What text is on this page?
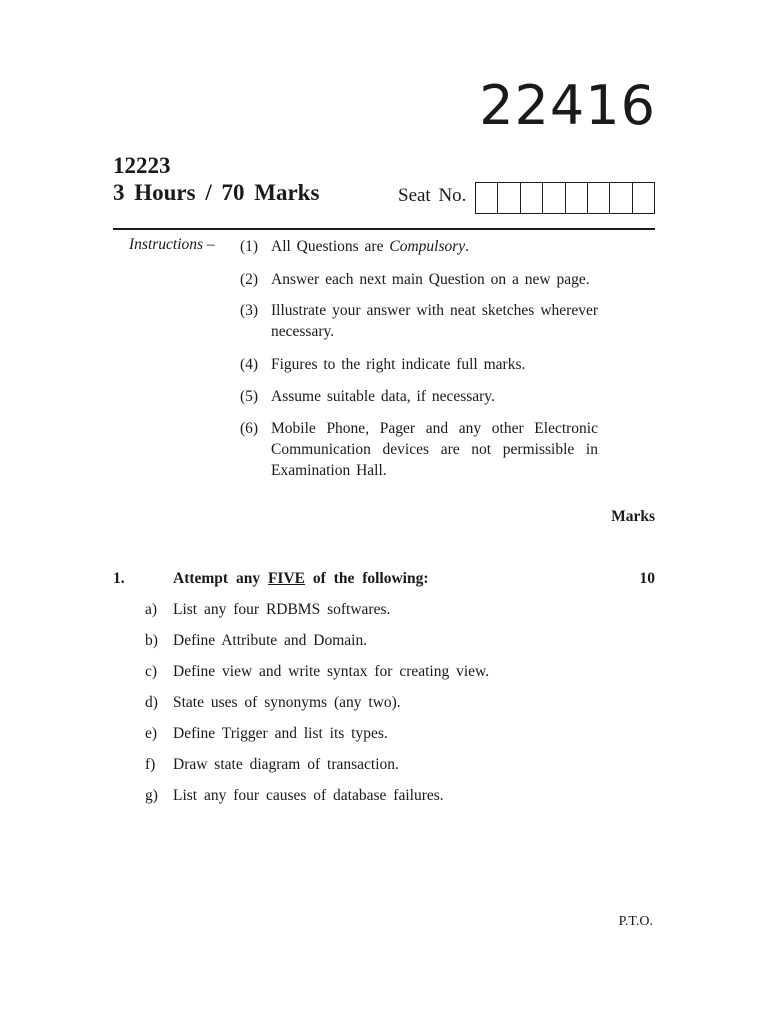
22416
12223
3 Hours / 70 Marks	Seat No.
Instructions – (1) All Questions are Compulsory.
(2) Answer each next main Question on a new page.
(3) Illustrate your answer with neat sketches wherever necessary.
(4) Figures to the right indicate full marks.
(5) Assume suitable data, if necessary.
(6) Mobile Phone, Pager and any other Electronic Communication devices are not permissible in Examination Hall.
Marks
1.	Attempt any FIVE of the following:	10
a)	List any four RDBMS softwares.
b) Define Attribute and Domain.
c)	Define view and write syntax for creating view.
d) State uses of synonyms (any two).
e)	Define Trigger and list its types.
f)	Draw state diagram of transaction.
g) List any four causes of database failures.
P.T.O.
